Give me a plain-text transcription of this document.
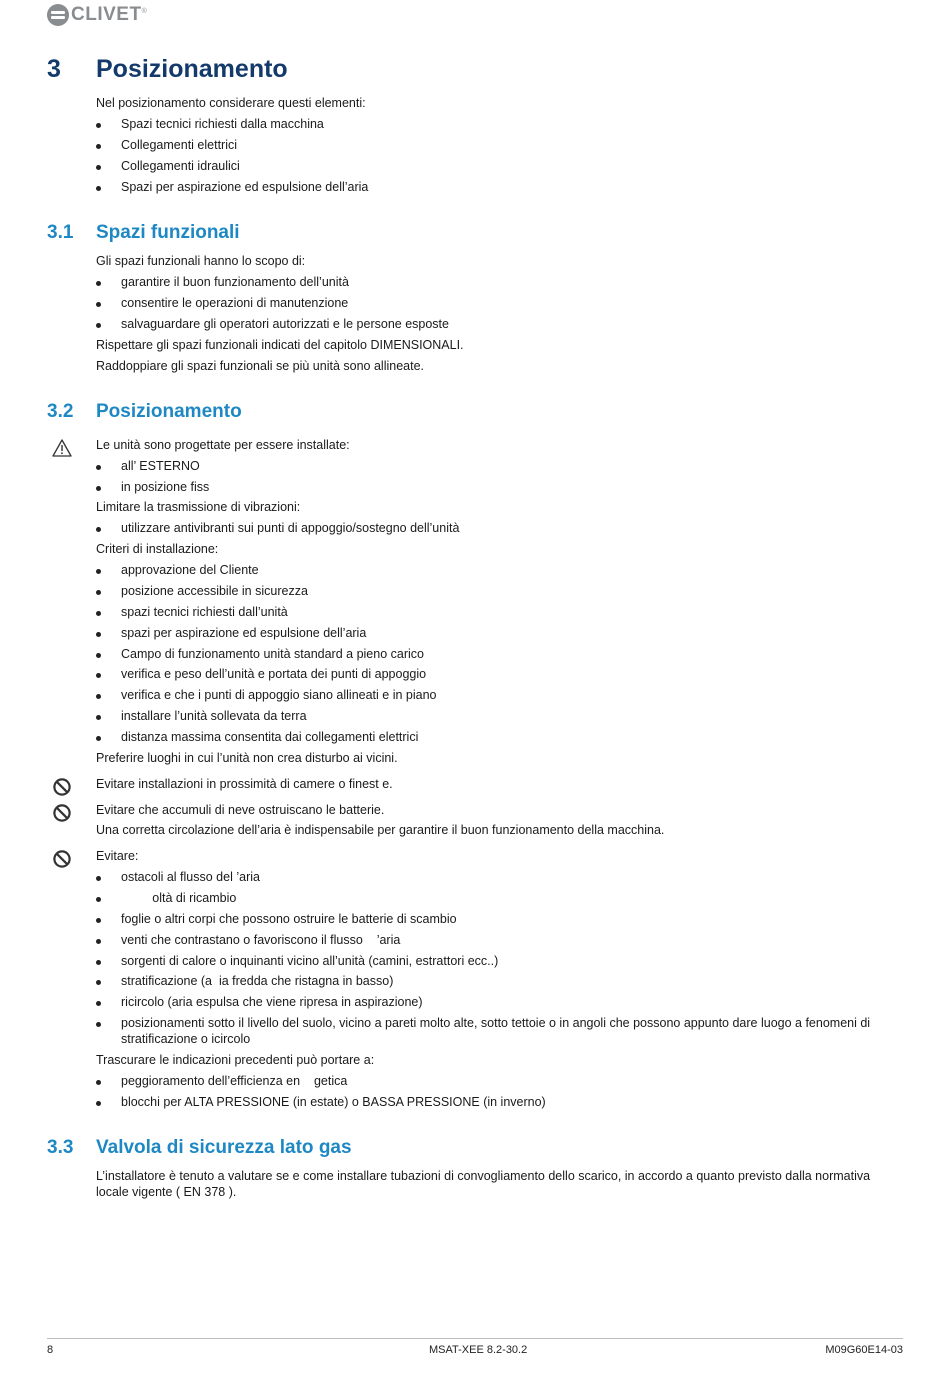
CLIVET ®
3 Posizionamento
Nel posizionamento considerare questi elementi:
Spazi tecnici richiesti dalla macchina
Collegamenti elettrici
Collegamenti idraulici
Spazi per aspirazione ed espulsione dell’aria
3.1 Spazi funzionali
Gli spazi funzionali hanno lo scopo di:
garantire il buon funzionamento dell’unità
consentire le operazioni di manutenzione
salvaguardare gli operatori autorizzati e le persone esposte
Rispettare gli spazi funzionali indicati del capitolo DIMENSIONALI.
Raddoppiare gli spazi funzionali se più unità sono allineate.
3.2 Posizionamento
Le unità sono progettate per essere installate:
all’ ESTERNO
in posizione fiss
Limitare la trasmissione di vibrazioni:
utilizzare antivibranti sui punti di appoggio/sostegno dell’unità
Criteri di installazione:
approvazione del Cliente
posizione accessibile in sicurezza
spazi tecnici richiesti dall’unità
spazi per aspirazione ed espulsione dell’aria
Campo di funzionamento unità standard a pieno carico
verifica e peso dell’unità e portata dei punti di appoggio
verifica e che i punti di appoggio siano allineati e in piano
installare l’unità sollevata da terra
distanza massima consentita dai collegamenti elettrici
Preferire luoghi in cui l’unità non crea disturbo ai vicini.
Evitare installazioni in prossimità di camere o finest e.
Evitare che accumuli di neve ostruiscano le batterie.
Una corretta circolazione dell’aria è indispensabile per garantire il buon funzionamento della macchina.
Evitare:
ostacoli al flusso del ’aria
oltà di ricambio
foglie o altri corpi che possono ostruire le batterie di scambio
venti che contrastano o favoriscono il flusso    ’aria
sorgenti di calore o inquinanti vicino all’unità (camini, estrattori ecc..)
stratificazione (a  ia fredda che ristagna in basso)
ricircolo (aria espulsa che viene ripresa in aspirazione)
posizionamenti sotto il livello del suolo, vicino a pareti molto alte, sotto tettoie o in angoli che possono appunto dare luogo a fenomeni di stratificazione o icircolo
Trascurare le indicazioni precedenti può portare a:
peggioramento dell’efficienza en    getica
blocchi per ALTA PRESSIONE (in estate) o BASSA PRESSIONE (in inverno)
3.3 Valvola di sicurezza lato gas
L’installatore è tenuto a valutare se e come installare tubazioni di convogliamento dello scarico, in accordo a quanto previsto dalla normativa locale vigente ( EN 378 ).
8	MSAT-XEE 8.2-30.2	M09G60E14-03
